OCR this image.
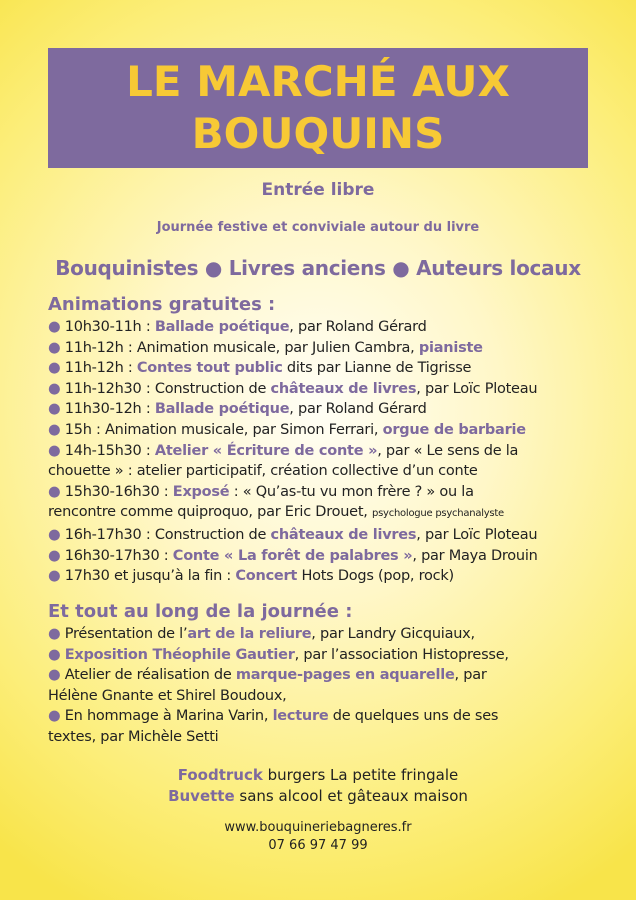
LE MARCHÉ AUX
BOUQUINS
Entrée libre
Journée festive et conviviale autour du livre
Bouquinistes ● Livres anciens ● Auteurs locaux
Animations gratuites :
● 10h30-11h : Ballade poétique, par Roland Gérard
● 11h-12h : Animation musicale, par Julien Cambra, pianiste
● 11h-12h : Contes tout public dits par Lianne de Tigrisse
● 11h-12h30 : Construction de châteaux de livres, par Loïc Ploteau
● 11h30-12h : Ballade poétique, par Roland Gérard
● 15h : Animation musicale, par Simon Ferrari, orgue de barbarie
● 14h-15h30 : Atelier « Écriture de conte », par « Le sens de la
chouette » : atelier participatif, création collective d’un conte
● 15h30-16h30 : Exposé : « Qu’as-tu vu mon frère ? » ou la
rencontre comme quiproquo, par Eric Drouet, psychologue psychanalyste
● 16h-17h30 : Construction de châteaux de livres, par Loïc Ploteau
● 16h30-17h30 : Conte « La forêt de palabres », par Maya Drouin
● 17h30 et jusqu’à la fin : Concert Hots Dogs (pop, rock)
Et tout au long de la journée :
● Présentation de l’art de la reliure, par Landry Gicquiaux,
● Exposition Théophile Gautier, par l’association Histopresse,
● Atelier de réalisation de marque-pages en aquarelle, par
Hélène Gnante et Shirel Boudoux,
● En hommage à Marina Varin, lecture de quelques uns de ses
textes, par Michèle Setti
Foodtruck burgers La petite fringale
Buvette sans alcool et gâteaux maison
www.bouquineriebagneres.fr
07 66 97 47 99
